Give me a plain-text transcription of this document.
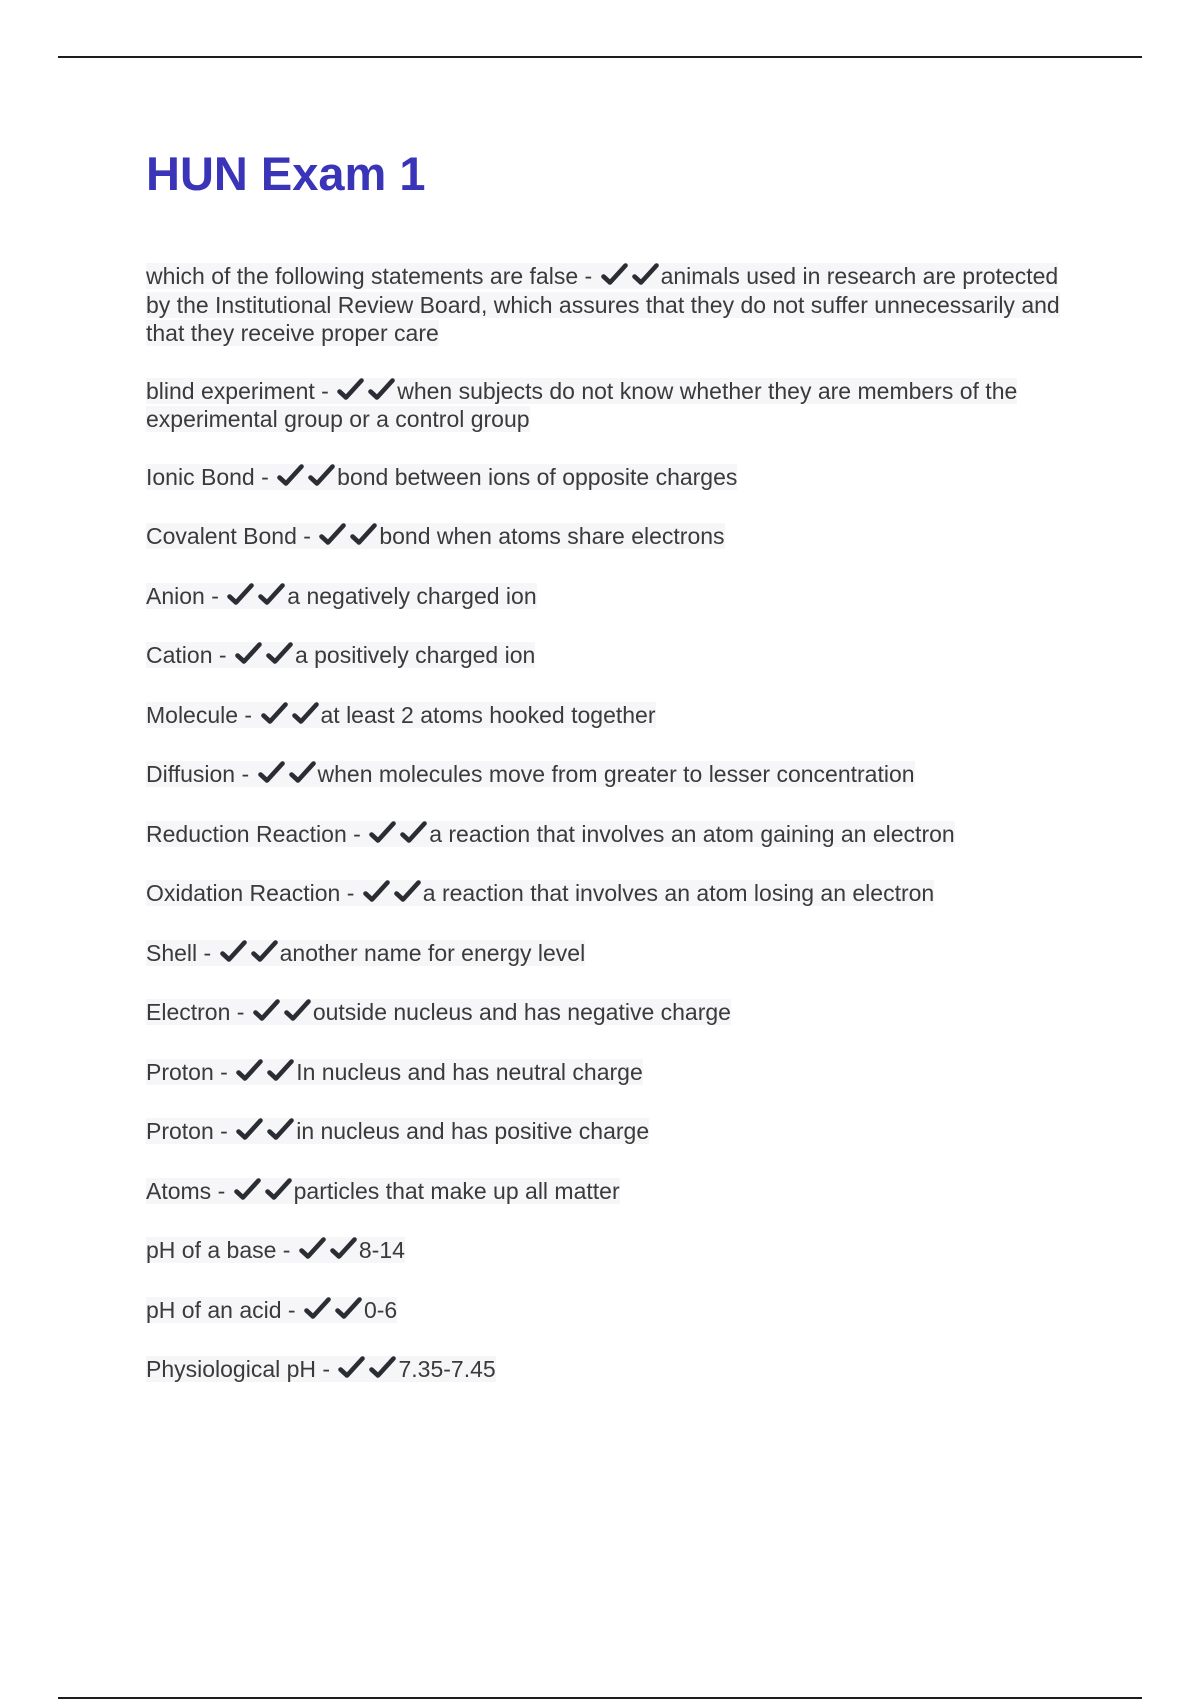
HUN Exam 1

which of the following statements are false -	animals used in research are protected by the Institutional Review Board, which assures that they do not suffer unnecessarily and that they receive proper care

blind experiment -	when subjects do not know whether they are members of the experimental group or a control group

Ionic Bond -	bond between ions of opposite charges

Covalent Bond -	bond when atoms share electrons

Anion -	a negatively charged ion

Cation -	a positively charged ion

Molecule -	at least 2 atoms hooked together

Diffusion -	when molecules move from greater to lesser concentration

Reduction Reaction -	a reaction that involves an atom gaining an electron

Oxidation Reaction -	a reaction that involves an atom losing an electron

Shell -	another name for energy level

Electron -	outside nucleus and has negative charge

Proton -	In nucleus and has neutral charge

Proton -	in nucleus and has positive charge

Atoms -	particles that make up all matter

pH of a base -	8-14

pH of an acid -	0-6

Physiological pH -	7.35-7.45
